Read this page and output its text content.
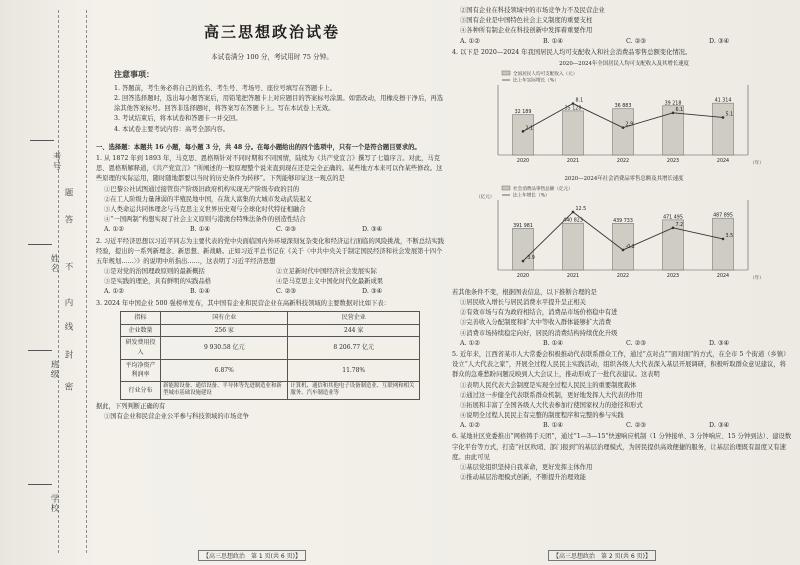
考号
题
答
不
内
线
封
密
姓名
班级
学校
高三思想政治试卷
本试卷满分 100 分，考试用时 75 分钟。
注意事项：

1. 答题前，考生务必将自己的姓名、考生号、考场号、座位号填写在答题卡上。

2. 回答选择题时，选出每小题答案后，用铅笔把答题卡上对应题目的答案标号涂黑。如需改动，用橡皮擦干净后，再选涂其他答案标号。回答非选择题时，将答案写在答题卡上。写在本试卷上无效。

3. 考试结束后，将本试卷和答题卡一并交回。

4. 本试卷主要考试内容：高考全部内容。

一、选择题：本题共 16 小题，每小题 3 分，共 48 分。在每小题给出的四个选项中，只有一个是符合题目要求的。

1. 从 1872 年到 1893 年，马克思、恩格斯针对不同时期和不同国情，陆续为《共产党宣言》撰写了七篇序言。对此，马克思、恩格斯解释道，《共产党宣言》“所阐述的一般原理整个说来直到现在还是完全正确的。某些地方本来可以作某些修改。这些原理的实际运用，随时随地都要以当时的历史条件为转移”。下列能够印证这一观点的是

①巴黎公社试图通过接管资产阶级旧政府机构实现无产阶级专政的目的

②在工人阶级力量薄弱的半殖民地中国，在敌人富集的大城市发动武装起义

③人类命运共同体理念与马克思主义世界历史观与全球化时代特征相融合

④“一国两制”构想实现了社会主义原则与港澳台特殊法条件的创造性结合

A. ①②	B. ①④	C. ②③	D. ③④

2. 习近平经济思想以习近平同志为主要代表的党中央面临国内外环境深刻复杂变化和经济运行面临的风险挑战，不断总结实践经验，提出的一系列新理念、新思想、新战略。正如习近平总书记在《关于〈中共中央关于制定国民经济和社会发展第十四个五年规划……〉》的说明中所指出……，这表明了习近平经济思想

①是对党的治国理政原则的最新概括	②立足新时代中国经济社会发展实际
③是实践的理论，具有鲜明的实践品格	④是马克思主义中国化时代化最新成果
A. ①②	B. ①④	C. ②③	D. ③④

3. 2024 年中国企业 500 强榜单发布，其中国有企业和民营企业在高新科技领域的主要数据对比如下表：

指标	国有企业	民营企业
企业数量	256 家	244 家
研发费用投入	9 930.58 亿元	8 206.77 亿元
平均净资产利润率	6.87%	11.78%
行业分布	新能源设备、通信设备、半导体等先进制造业和新型城市基础设施建设	计算机、通信和其他电子设备制造业、互联网和相关服务、汽车制造业等

据此，下列判断正确的有

①国有企业和民营企业公平参与科技领域的市场竞争

【高三思想政治　第 1 页(共 6 页)】

②国有企业在科技领域中的市场竞争力不及民营企业

③国有企业是中国特色社会主义制度的重要支柱

④各种所有制企业在科技创新中发挥着重要作用

A. ①②	B. ①④	C. ②③	D. ③④

4. 以下是 2020—2024 年我国居民人均可支配收入和社会消费品零售总额变化情况。

2020—2024年全国居民人均可支配收入及其增长速度
全国居民人均可支配收入（元）
比上年实际增长（%）
（年）
32 189
2020
35 128
2021
36 883
2022
39 218
2023
41 314
2024
2.1
8.1
2.9
6.1
5.1
2020—2024年社会消费品零售总额及其增长速度
社会消费品零售总额（亿元）
比上年增长（%）
（亿元）
（年）
391 981
2020
440 823
2021
439 733
2022
471 495
2023
487 895
2024
-3.9
12.5
-0.2
7.2
3.5

若其他条件不变，根据图表信息，以下推断合理的是

①居民收入增长与居民消费水平提升呈正相关

②有效市场与有为政府相结合，消费品市场价格稳中有进

③完善收入分配制度和扩大中等收入群体能够扩大消费

④消费市场持续稳定向好，居民的消费结构持续优化升级

A. ①②	B. ①④	C. ②③	D. ③④

5. 近年来，江西省某市人大常委会积极推动代表联系群众工作，通过“点对点”“面对面”的方式，在全市 5 个街道（乡镇）设立“人大代表之家”，开展全过程人民民主实践活动，组织各级人大代表深入基层开展调研，积极听取群众意见建议，将群众的急难愁盼问题反映到人大会议上，推动形成了一批代表建议。这表明

①表明人民代表大会制度是实现全过程人民民主的重要制度载体

②通过这一步健全代表联系群众机制，更好地发挥人大代表的作用

③拓展和丰富了全国各级人大代表参加行使国家权力的途径和形式

④说明全过程人民民主有完整的制度程序和完整的参与实践

A. ①②	B. ①④	C. ②③	D. ③④

6. 某地社区党委推出“网格铸手天团”，通过“1—3—15”快速响应机制（1 分钟接单、3 分钟响应、15 分钟到达）、建设数字化平台等方式，打造“社区吹哨、部门报到”的基层治理模式，为居民提供高效便捷的服务，让基层治理既有温度又有速度。由此可见

①基层党组织坚持自我革命，更好发挥主体作用

②推动基层治理模式创新，不断提升治理效能

【高三思想政治　第 2 页(共 6 页)】
